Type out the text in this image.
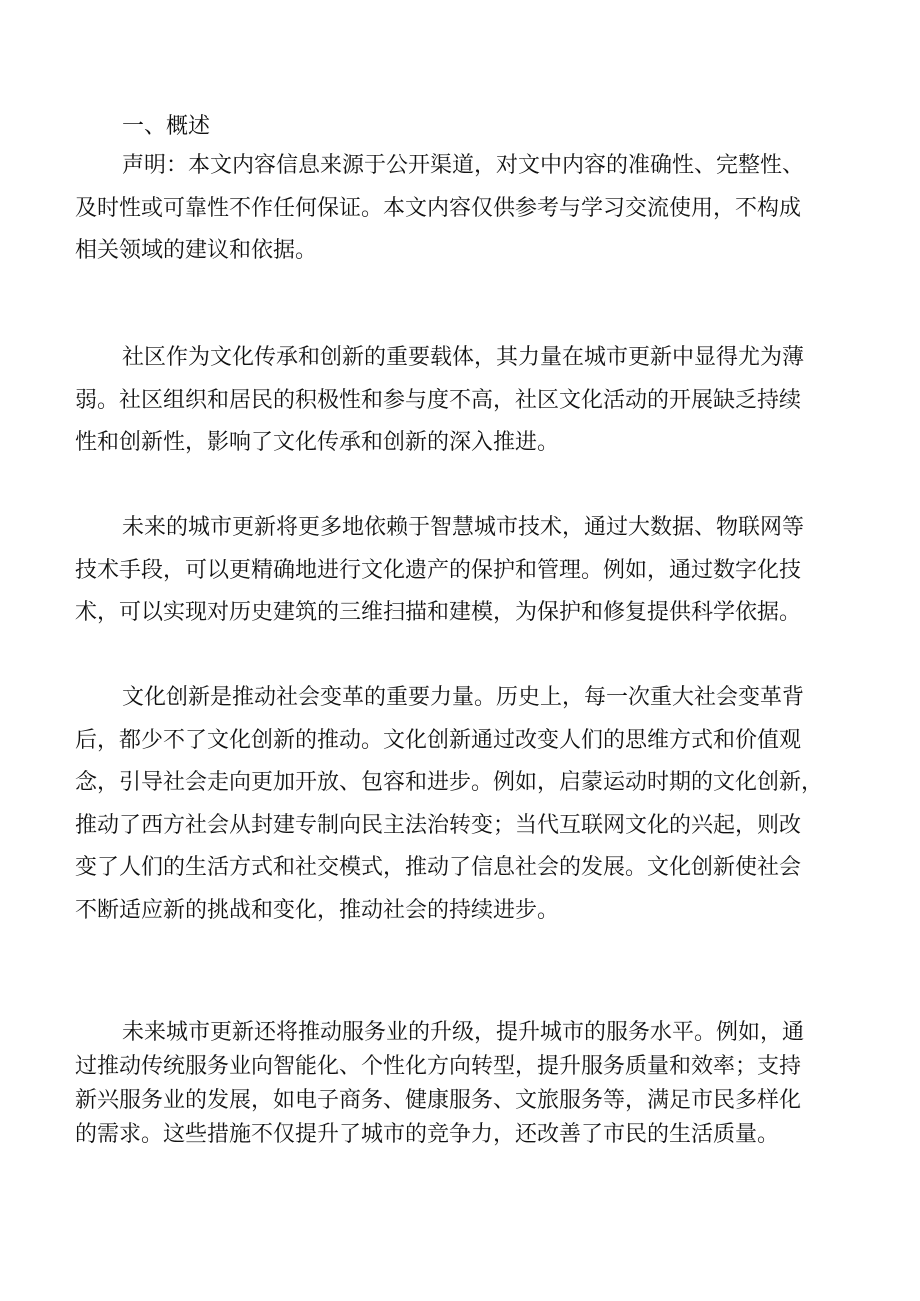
一、概述
声明：本文内容信息来源于公开渠道，对文中内容的准确性、完整性、
及时性或可靠性不作任何保证。本文内容仅供参考与学习交流使用，不构成
相关领域的建议和依据。
社区作为文化传承和创新的重要载体，其力量在城市更新中显得尤为薄
弱。社区组织和居民的积极性和参与度不高，社区文化活动的开展缺乏持续
性和创新性，影响了文化传承和创新的深入推进。
未来的城市更新将更多地依赖于智慧城市技术，通过大数据、物联网等
技术手段，可以更精确地进行文化遗产的保护和管理。例如，通过数字化技
术，可以实现对历史建筑的三维扫描和建模，为保护和修复提供科学依据。
文化创新是推动社会变革的重要力量。历史上，每一次重大社会变革背
后，都少不了文化创新的推动。文化创新通过改变人们的思维方式和价值观
念，引导社会走向更加开放、包容和进步。例如，启蒙运动时期的文化创新，
推动了西方社会从封建专制向民主法治转变；当代互联网文化的兴起，则改
变了人们的生活方式和社交模式，推动了信息社会的发展。文化创新使社会
不断适应新的挑战和变化，推动社会的持续进步。
未来城市更新还将推动服务业的升级，提升城市的服务水平。例如，通
过推动传统服务业向智能化、个性化方向转型，提升服务质量和效率；支持
新兴服务业的发展，如电子商务、健康服务、文旅服务等，满足市民多样化
的需求。这些措施不仅提升了城市的竞争力，还改善了市民的生活质量。
